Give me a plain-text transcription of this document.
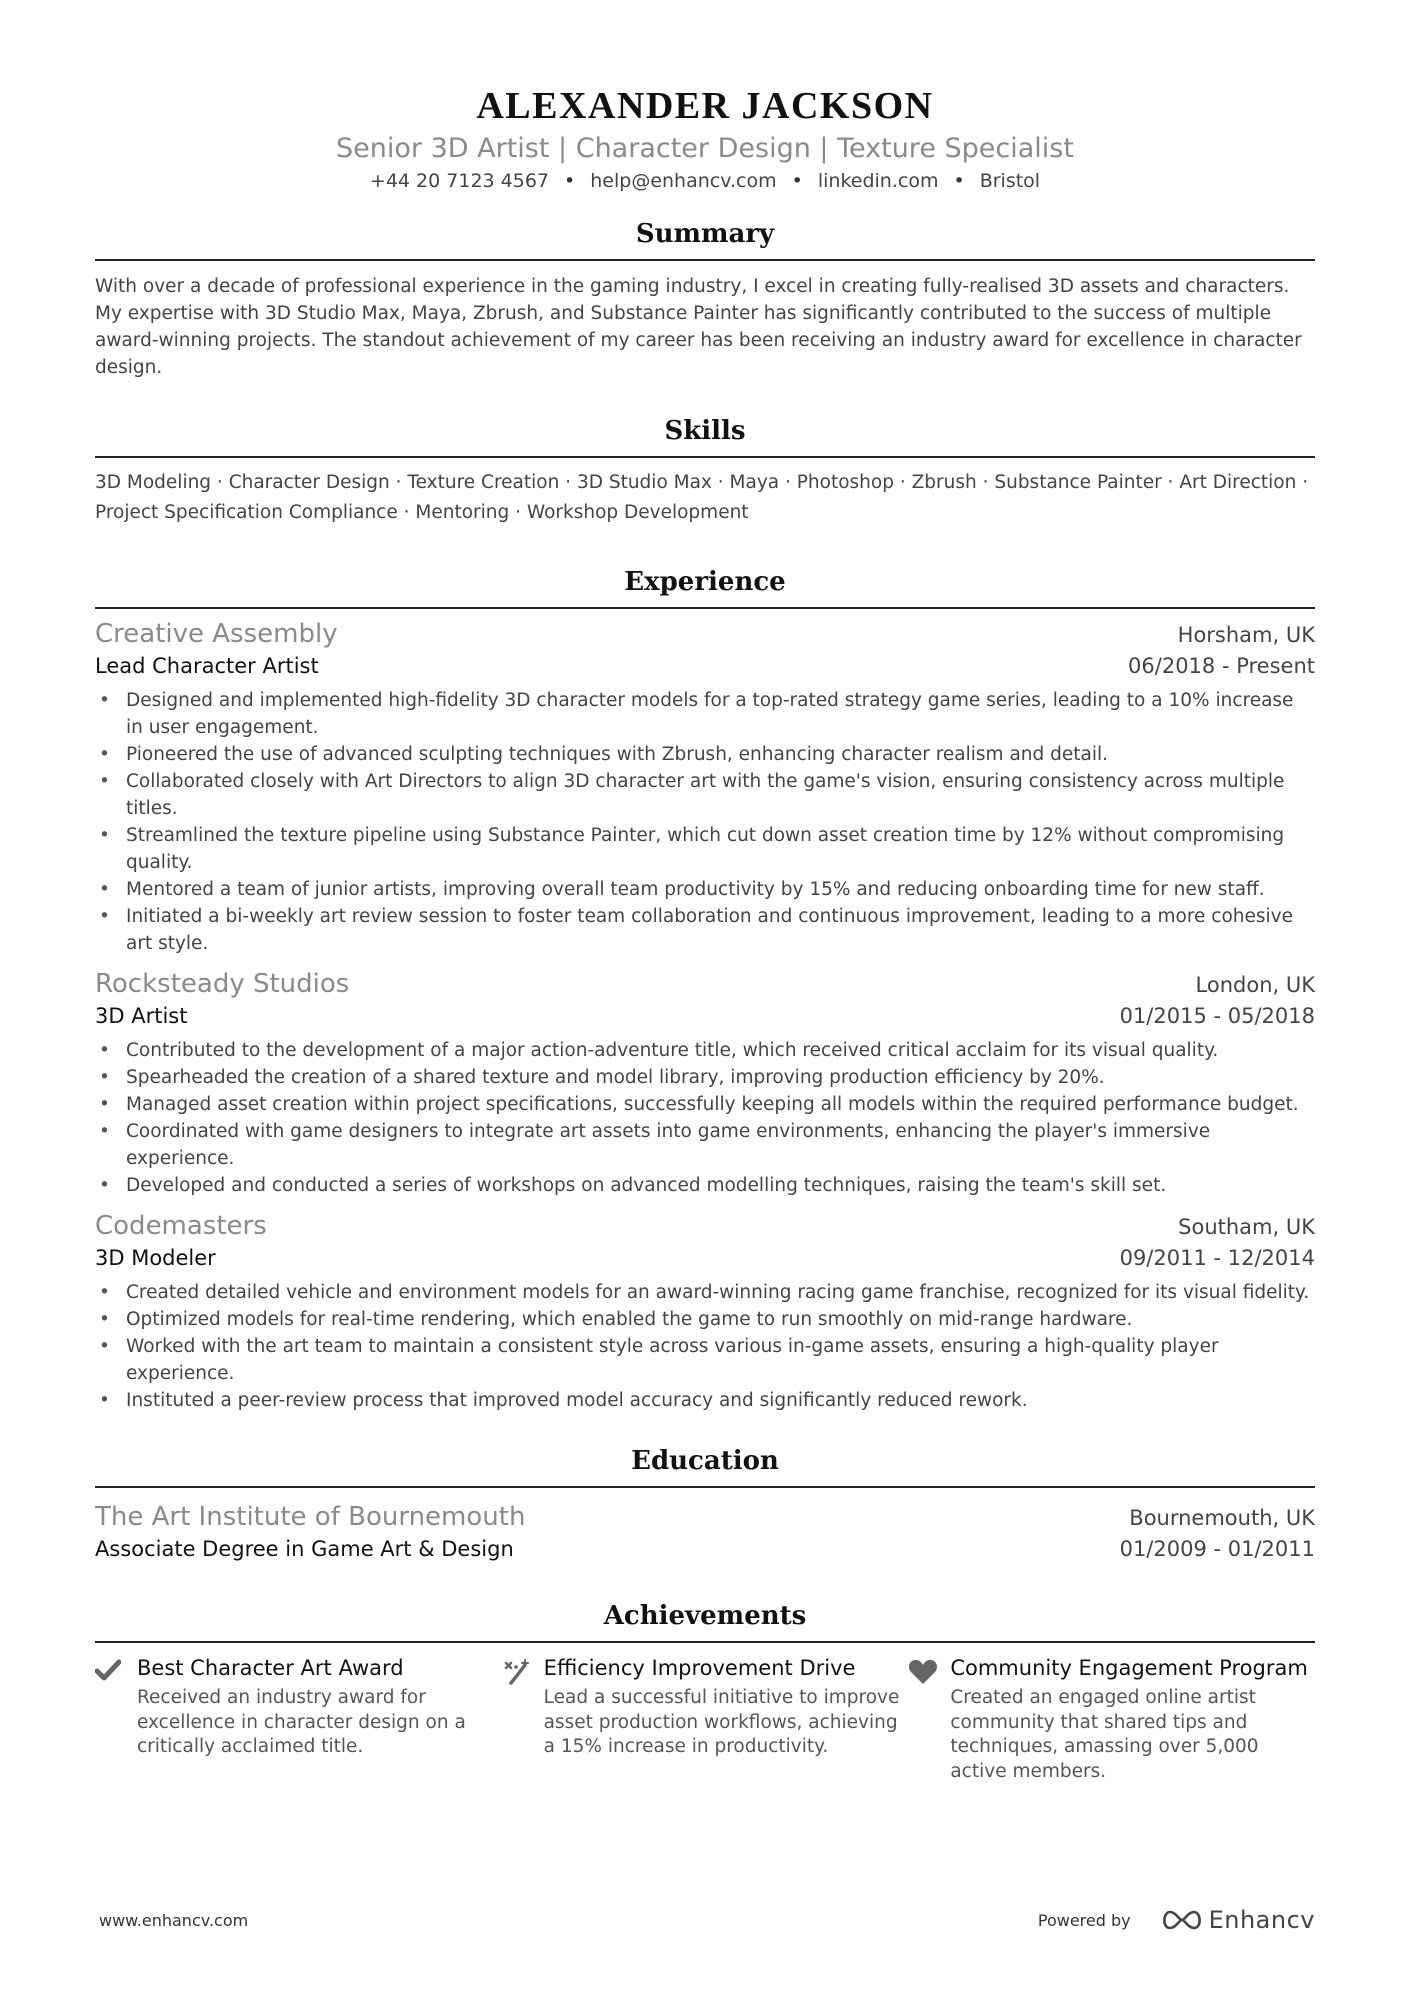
ALEXANDER JACKSON
Senior 3D Artist | Character Design | Texture Specialist
+44 20 7123 4567 • help@enhancv.com • linkedin.com • Bristol
Summary
With over a decade of professional experience in the gaming industry, I excel in creating fully-realised 3D assets and characters. My expertise with 3D Studio Max, Maya, Zbrush, and Substance Painter has significantly contributed to the success of multiple award-winning projects. The standout achievement of my career has been receiving an industry award for excellence in character design.
Skills
3D Modeling · Character Design · Texture Creation · 3D Studio Max · Maya · Photoshop · Zbrush · Substance Painter · Art Direction · Project Specification Compliance · Mentoring · Workshop Development
Experience
Creative Assembly	Horsham, UK
Lead Character Artist	06/2018 - Present
• Designed and implemented high-fidelity 3D character models for a top-rated strategy game series, leading to a 10% increase in user engagement.
• Pioneered the use of advanced sculpting techniques with Zbrush, enhancing character realism and detail.
• Collaborated closely with Art Directors to align 3D character art with the game's vision, ensuring consistency across multiple titles.
• Streamlined the texture pipeline using Substance Painter, which cut down asset creation time by 12% without compromising quality.
• Mentored a team of junior artists, improving overall team productivity by 15% and reducing onboarding time for new staff.
• Initiated a bi-weekly art review session to foster team collaboration and continuous improvement, leading to a more cohesive art style.
Rocksteady Studios	London, UK
3D Artist	01/2015 - 05/2018
• Contributed to the development of a major action-adventure title, which received critical acclaim for its visual quality.
• Spearheaded the creation of a shared texture and model library, improving production efficiency by 20%.
• Managed asset creation within project specifications, successfully keeping all models within the required performance budget.
• Coordinated with game designers to integrate art assets into game environments, enhancing the player's immersive experience.
• Developed and conducted a series of workshops on advanced modelling techniques, raising the team's skill set.
Codemasters	Southam, UK
3D Modeler	09/2011 - 12/2014
• Created detailed vehicle and environment models for an award-winning racing game franchise, recognized for its visual fidelity.
• Optimized models for real-time rendering, which enabled the game to run smoothly on mid-range hardware.
• Worked with the art team to maintain a consistent style across various in-game assets, ensuring a high-quality player experience.
• Instituted a peer-review process that improved model accuracy and significantly reduced rework.
Education
The Art Institute of Bournemouth	Bournemouth, UK
Associate Degree in Game Art & Design	01/2009 - 01/2011
Achievements
Best Character Art Award
Received an industry award for excellence in character design on a critically acclaimed title.
Efficiency Improvement Drive
Lead a successful initiative to improve asset production workflows, achieving a 15% increase in productivity.
Community Engagement Program
Created an engaged online artist community that shared tips and techniques, amassing over 5,000 active members.
www.enhancv.com	Powered by	Enhancv
